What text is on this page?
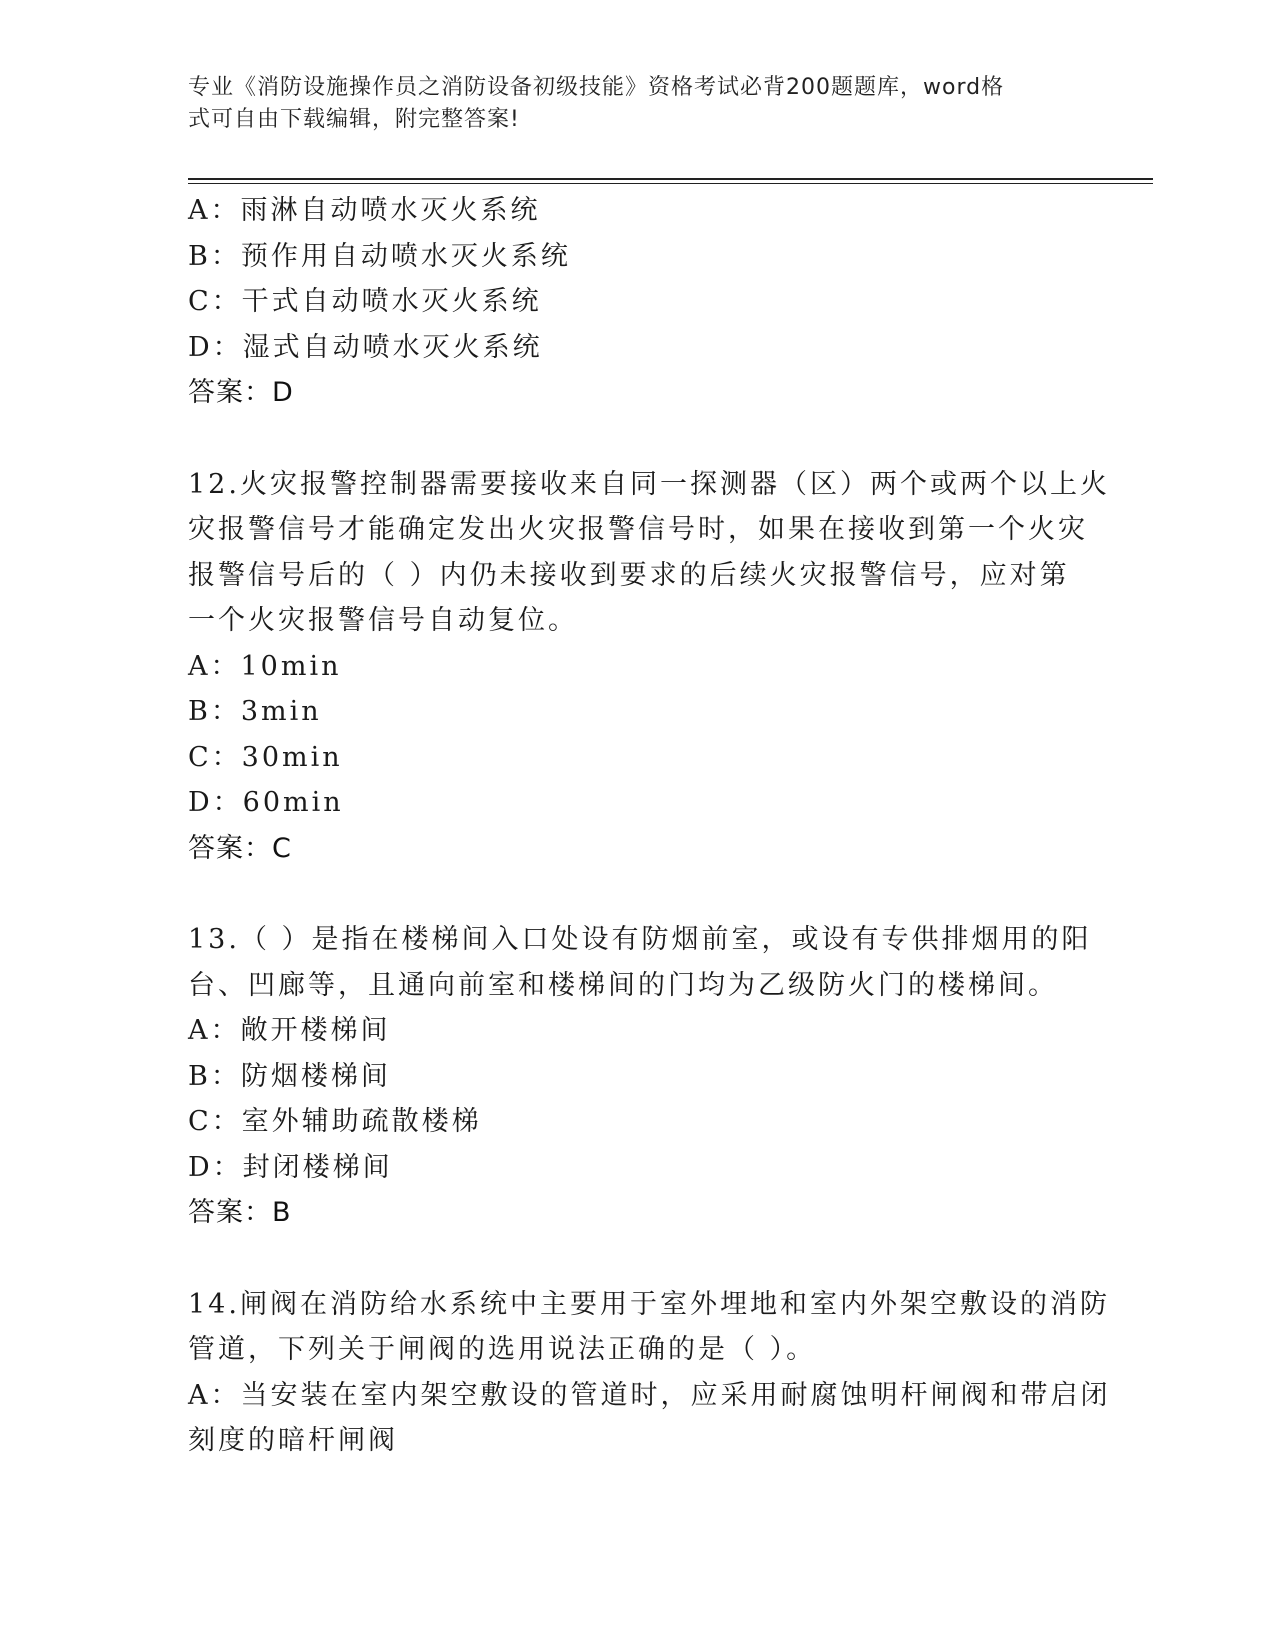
专业《消防设施操作员之消防设备初级技能》资格考试必背200题题库，word格
式可自由下载编辑，附完整答案!
A：雨淋自动喷水灭火系统
B：预作用自动喷水灭火系统
C：干式自动喷水灭火系统
D：湿式自动喷水灭火系统
答案：D
12.火灾报警控制器需要接收来自同一探测器（区）两个或两个以上火
灾报警信号才能确定发出火灾报警信号时，如果在接收到第一个火灾
报警信号后的（ ）内仍未接收到要求的后续火灾报警信号，应对第
一个火灾报警信号自动复位。
A：10min
B：3min
C：30min
D：60min
答案：C
13.（ ）是指在楼梯间入口处设有防烟前室，或设有专供排烟用的阳
台、凹廊等，且通向前室和楼梯间的门均为乙级防火门的楼梯间。
A：敞开楼梯间
B：防烟楼梯间
C：室外辅助疏散楼梯
D：封闭楼梯间
答案：B
14.闸阀在消防给水系统中主要用于室外埋地和室内外架空敷设的消防
管道，下列关于闸阀的选用说法正确的是（ ）。
A：当安装在室内架空敷设的管道时，应采用耐腐蚀明杆闸阀和带启闭
刻度的暗杆闸阀
